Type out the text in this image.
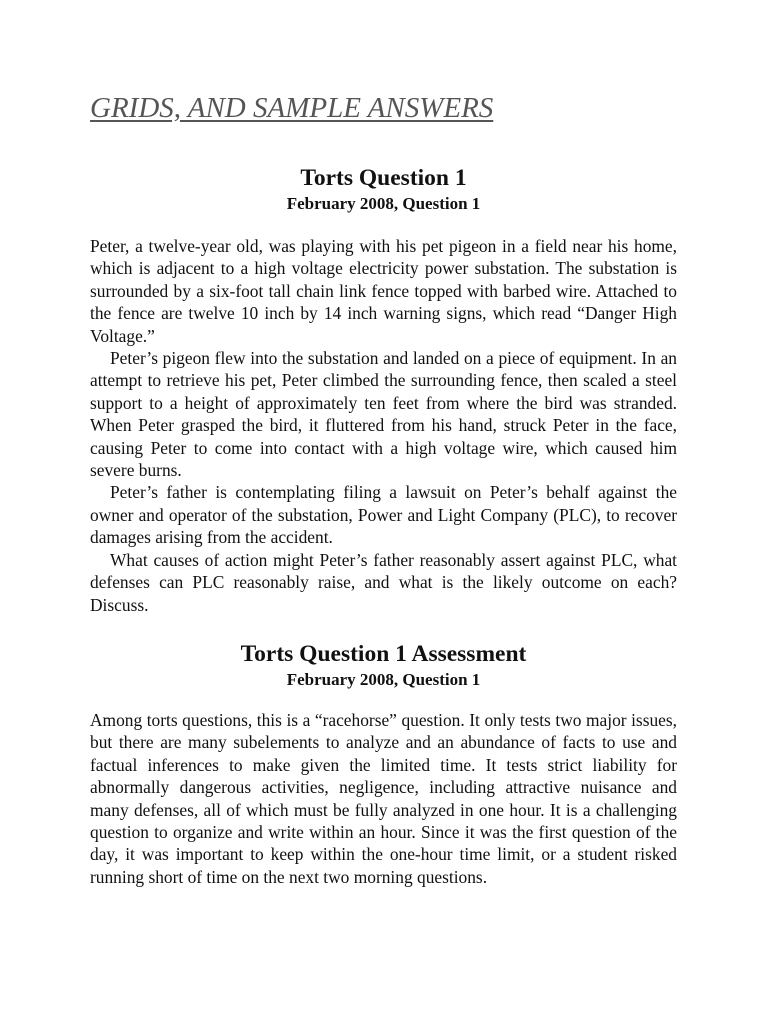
GRIDS, AND SAMPLE ANSWERS
Torts Question 1
February 2008, Question 1

Peter, a twelve-year old, was playing with his pet pigeon in a field near his home, which is adjacent to a high voltage electricity power substation. The substation is surrounded by a six-foot tall chain link fence topped with barbed wire. Attached to the fence are twelve 10 inch by 14 inch warning signs, which read “Danger High Voltage.”

Peter’s pigeon flew into the substation and landed on a piece of equipment. In an attempt to retrieve his pet, Peter climbed the surrounding fence, then scaled a steel support to a height of approximately ten feet from where the bird was stranded. When Peter grasped the bird, it fluttered from his hand, struck Peter in the face, causing Peter to come into contact with a high voltage wire, which caused him severe burns.

Peter’s father is contemplating filing a lawsuit on Peter’s behalf against the owner and operator of the substation, Power and Light Company (PLC), to recover damages arising from the accident.

What causes of action might Peter’s father reasonably assert against PLC, what defenses can PLC reasonably raise, and what is the likely outcome on each? Discuss.

Torts Question 1 Assessment
February 2008, Question 1

Among torts questions, this is a “racehorse” question. It only tests two major issues, but there are many subelements to analyze and an abundance of facts to use and factual inferences to make given the limited time. It tests strict liability for abnormally dangerous activities, negligence, including attractive nuisance and many defenses, all of which must be fully analyzed in one hour. It is a challenging question to organize and write within an hour. Since it was the first question of the day, it was important to keep within the one-hour time limit, or a student risked running short of time on the next two morning questions.
